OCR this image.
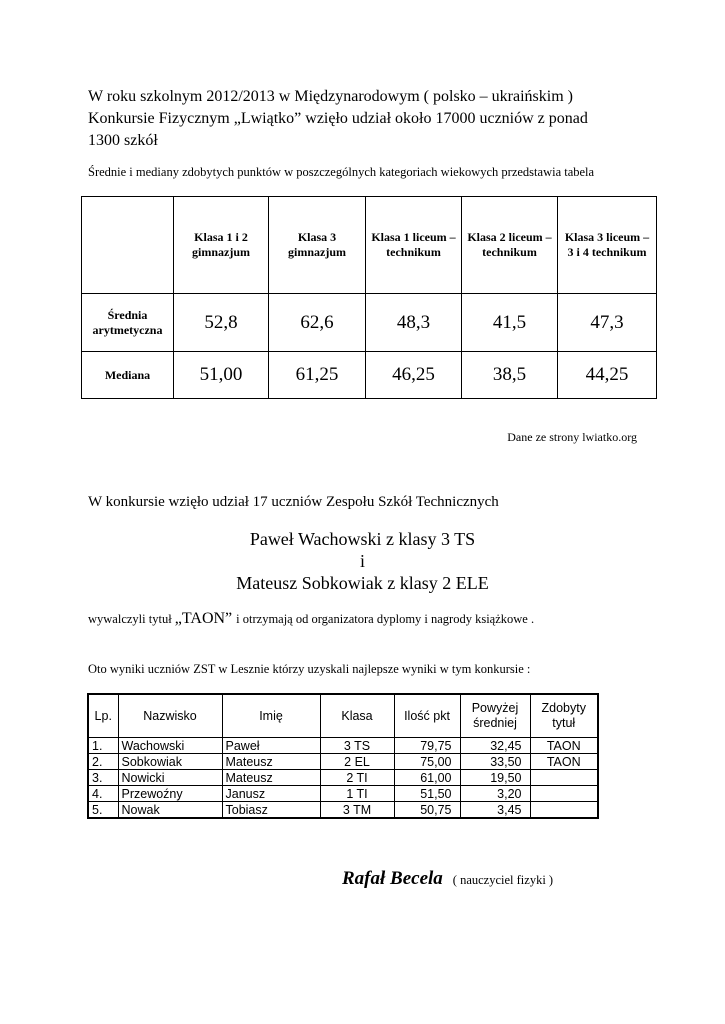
W roku szkolnym 2012/2013 w Międzynarodowym ( polsko – ukraińskim )
Konkursie Fizycznym „Lwiątko” wzięło udział około 17000 uczniów z ponad
1300 szkół
Średnie i mediany zdobytych punktów w poszczególnych kategoriach wiekowych przedstawia tabela
	Klasa 1 i 2 gimnazjum	Klasa 3 gimnazjum	Klasa 1 liceum – technikum	Klasa 2 liceum – technikum	Klasa 3 liceum – 3 i 4 technikum
Średnia arytmetyczna	52,8	62,6	48,3	41,5	47,3
Mediana	51,00	61,25	46,25	38,5	44,25
Dane ze strony lwiatko.org
W konkursie wzięło udział 17 uczniów Zespołu Szkół Technicznych
Paweł Wachowski z klasy 3 TS
i
Mateusz Sobkowiak z klasy 2 ELE
wywalczyli tytuł „TAON” i otrzymają od organizatora dyplomy i nagrody książkowe .
Oto wyniki uczniów ZST w Lesznie którzy uzyskali najlepsze wyniki w tym konkursie :
Lp.	Nazwisko	Imię	Klasa	Ilość pkt	Powyżej średniej	Zdobyty tytuł
1.	Wachowski	Paweł	3 TS	79,75	32,45	TAON
2.	Sobkowiak	Mateusz	2 EL	75,00	33,50	TAON
3.	Nowicki	Mateusz	2 TI	61,00	19,50	
4.	Przewoźny	Janusz	1 TI	51,50	3,20	
5.	Nowak	Tobiasz	3 TM	50,75	3,45	
Rafał Becela ( nauczyciel fizyki )
